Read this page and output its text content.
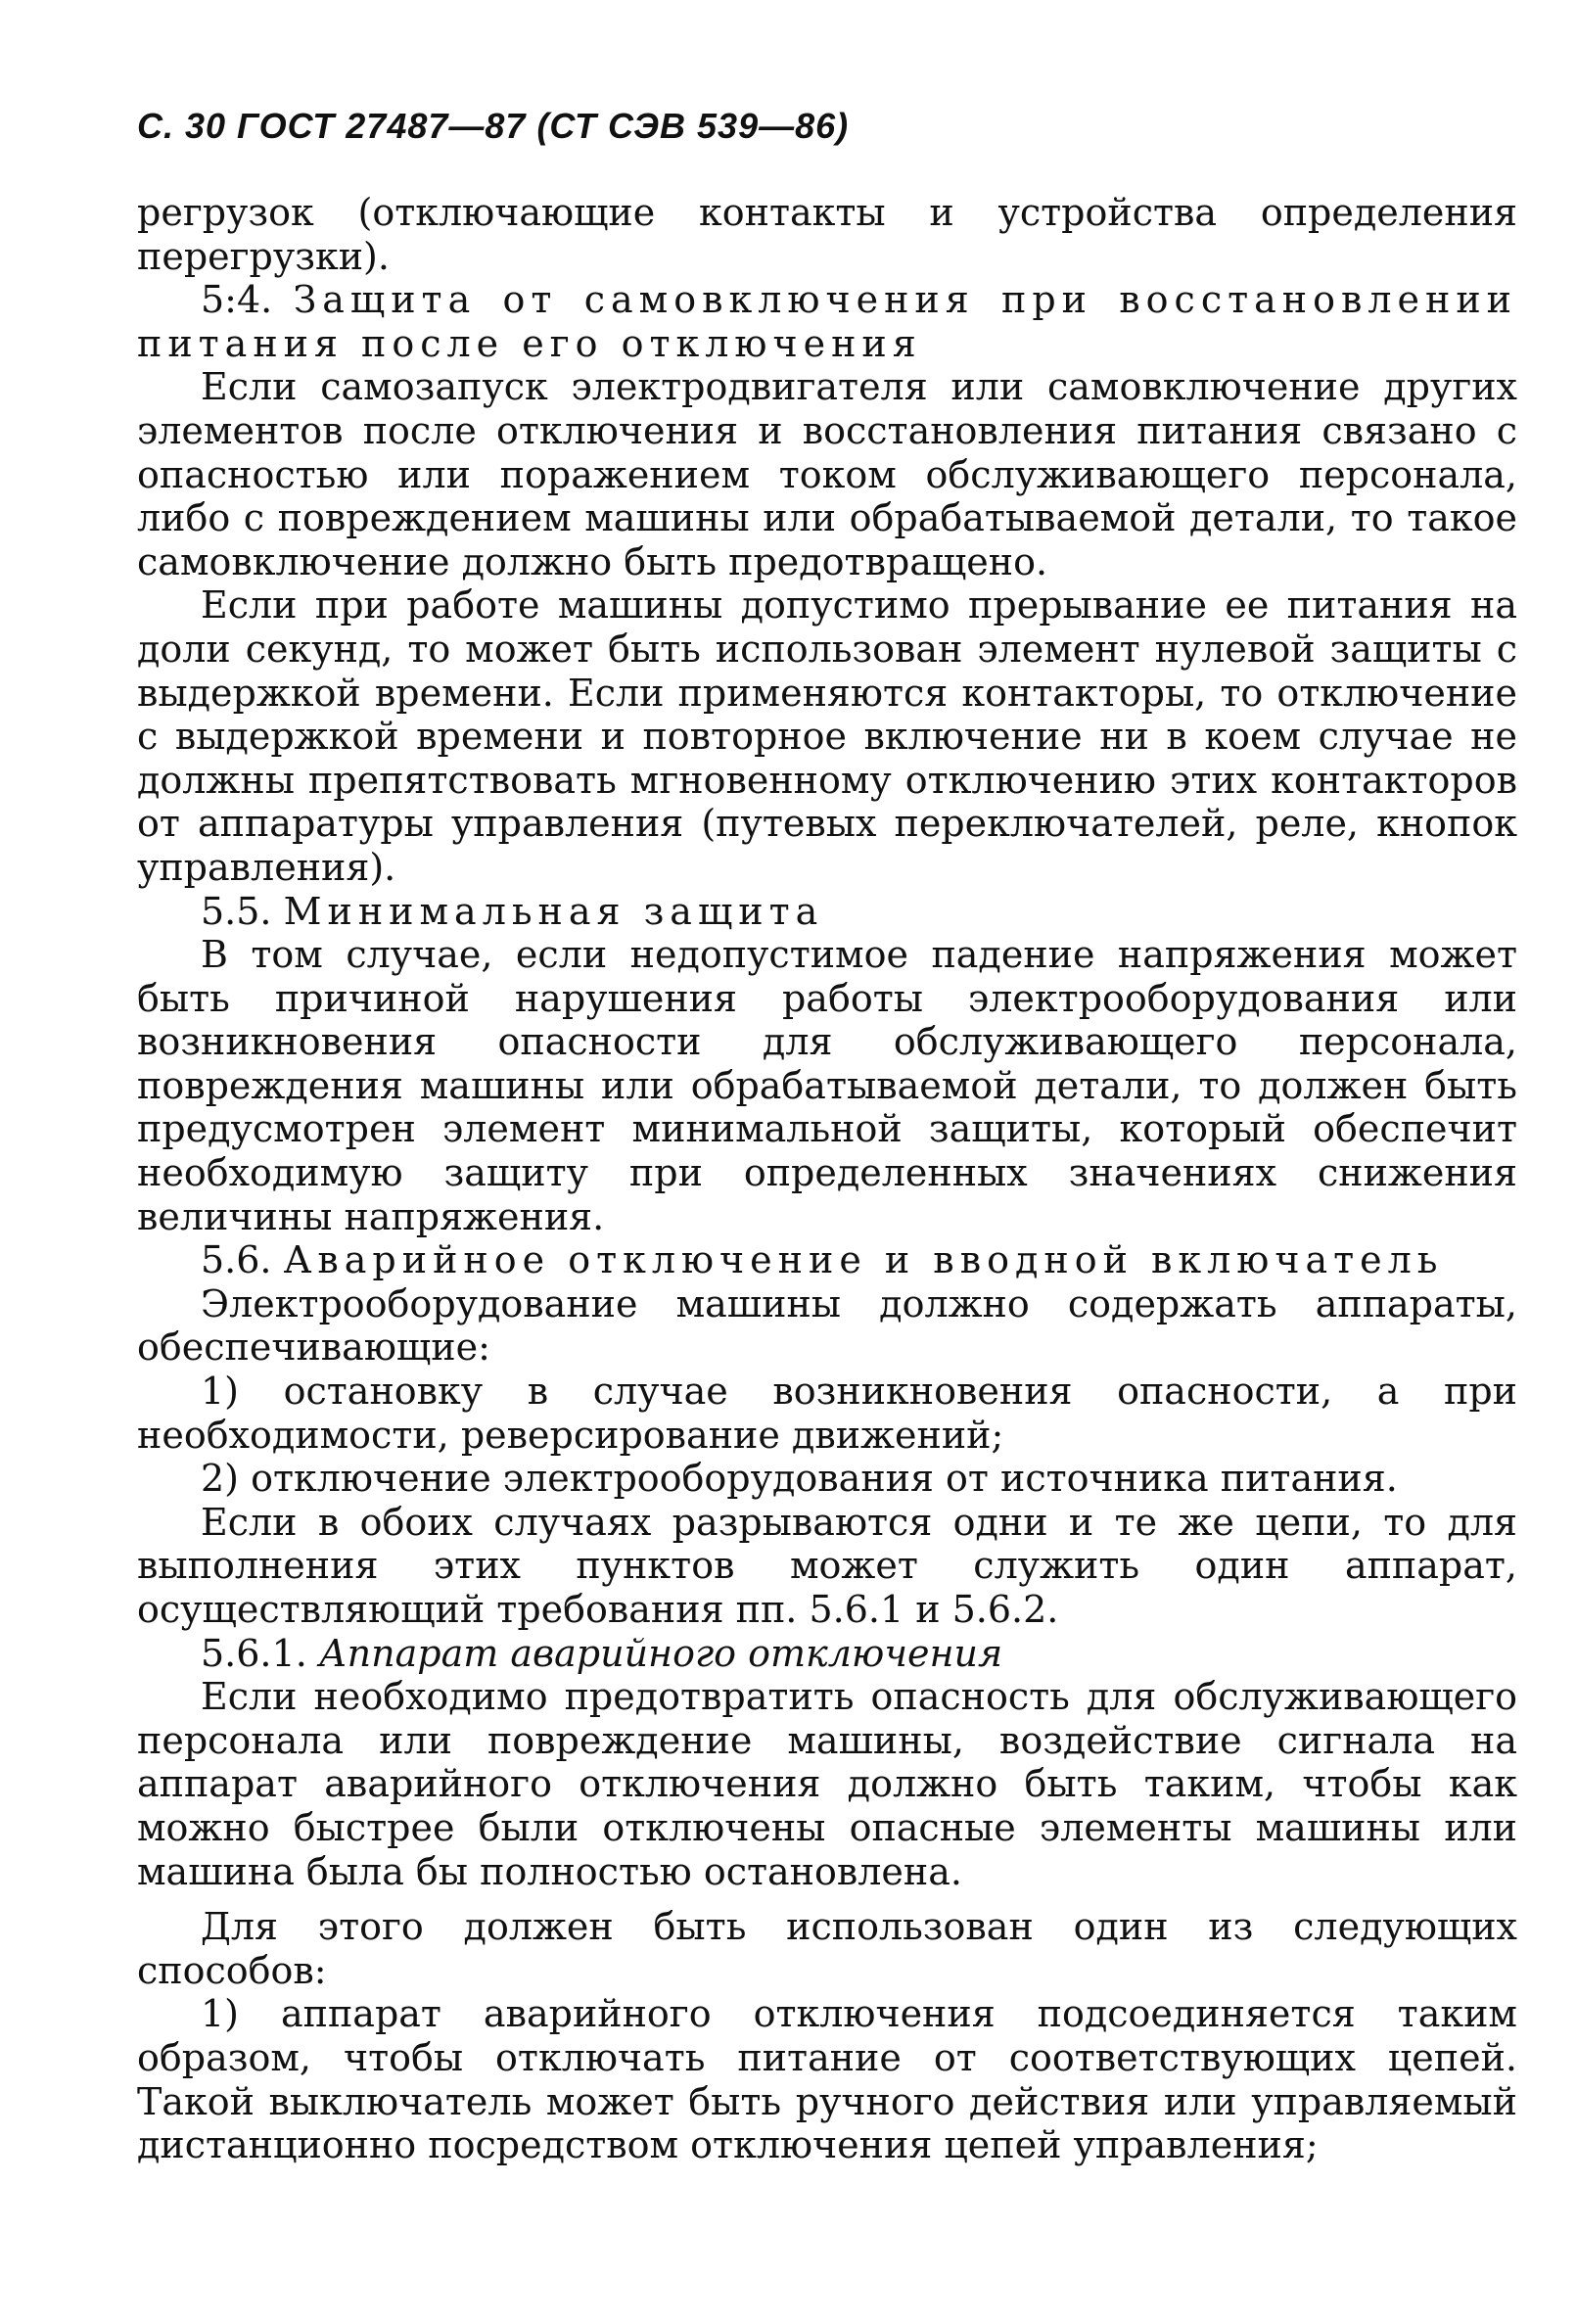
С. 30 ГОСТ 27487—87 (СТ СЭВ 539—86)

регрузок (отключающие контакты и устройства определения перегрузки).

5:4. Защита от самовключения при восстановлении питания после его отключения

Если самозапуск электродвигателя или самовключение других элементов после отключения и восстановления питания связано с опасностью или поражением током обслуживающего персонала, либо с повреждением машины или обрабатываемой детали, то такое самовключение должно быть предотвращено.

Если при работе машины допустимо прерывание ее питания на доли секунд, то может быть использован элемент нулевой защиты с выдержкой времени. Если применяются контакторы, то отключение с выдержкой времени и повторное включение ни в коем случае не должны препятствовать мгновенному отключению этих контакторов от аппаратуры управления (путевых переключателей, реле, кнопок управления).

5.5. Минимальная защита

В том случае, если недопустимое падение напряжения может быть причиной нарушения работы электрооборудования или возникновения опасности для обслуживающего персонала, повреждения машины или обрабатываемой детали, то должен быть предусмотрен элемент минимальной защиты, который обеспечит необходимую защиту при определенных значениях снижения величины напряжения.

5.6. Аварийное отключение и вводной включатель

Электрооборудование машины должно содержать аппараты, обеспечивающие:

1) остановку в случае возникновения опасности, а при необходимости, реверсирование движений;

2) отключение электрооборудования от источника питания.

Если в обоих случаях разрываются одни и те же цепи, то для выполнения этих пунктов может служить один аппарат, осуществляющий требования пп. 5.6.1 и 5.6.2.

5.6.1. Аппарат аварийного отключения

Если необходимо предотвратить опасность для обслуживающего персонала или повреждение машины, воздействие сигнала на аппарат аварийного отключения должно быть таким, чтобы как можно быстрее были отключены опасные элементы машины или машина была бы полностью остановлена.

Для этого должен быть использован один из следующих способов:

1) аппарат аварийного отключения подсоединяется таким образом, чтобы отключать питание от соответствующих цепей. Такой выключатель может быть ручного действия или управляемый дистанционно посредством отключения цепей управления;
